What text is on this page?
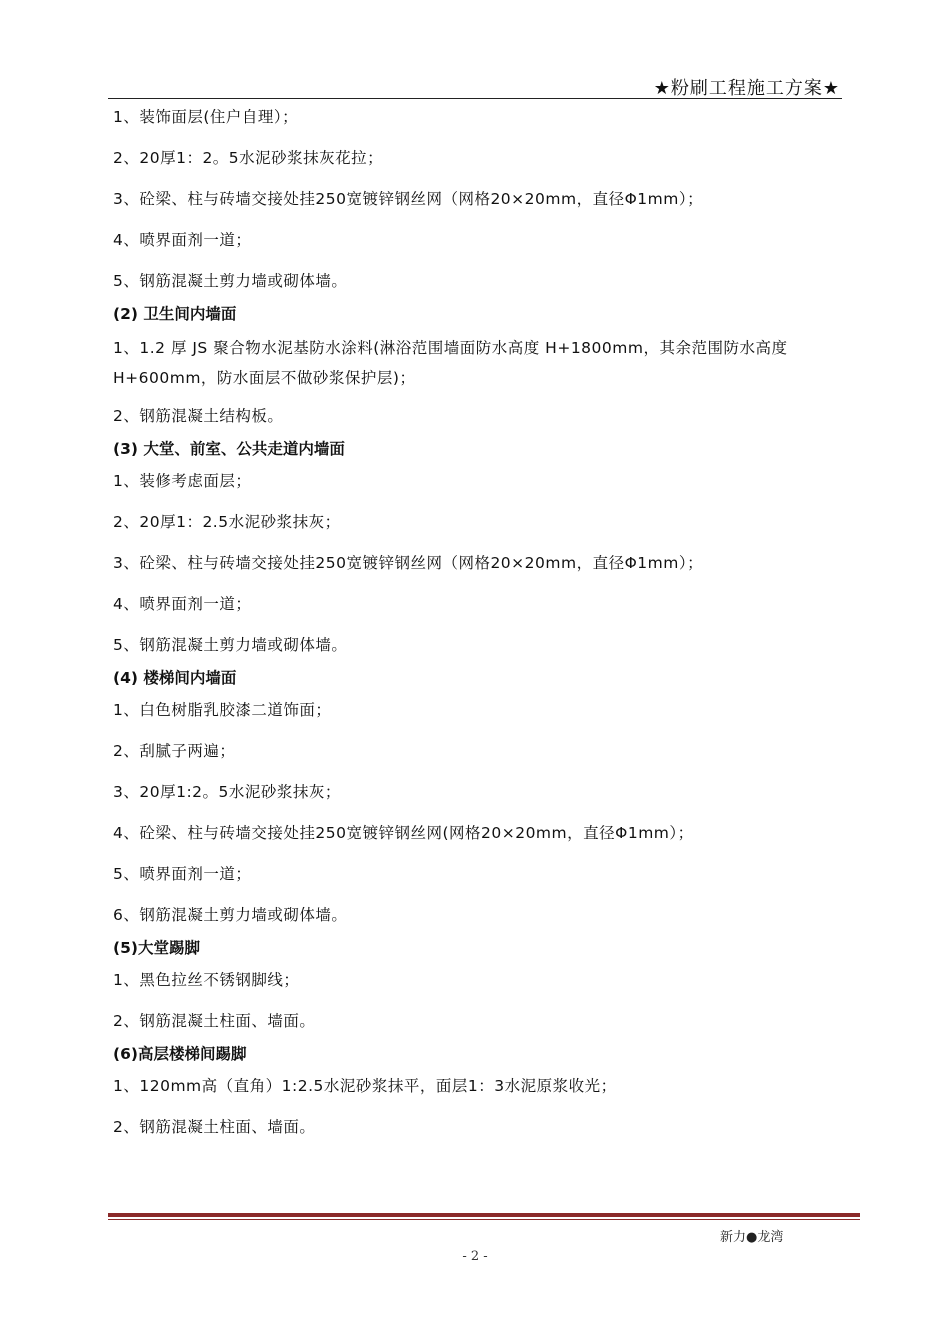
★粉刷工程施工方案★
1、装饰面层(住户自理）；
2、20厚1：2。5水泥砂浆抹灰花拉；
3、砼梁、柱与砖墙交接处挂250宽镀锌钢丝网（网格20×20mm，直径Φ1mm）；
4、喷界面剂一道；
5、钢筋混凝土剪力墙或砌体墙。
(2) 卫生间内墙面
1、1.2 厚 JS 聚合物水泥基防水涂料(淋浴范围墙面防水高度 H+1800mm，其余范围防水高度 H+600mm，防水面层不做砂浆保护层)；
2、钢筋混凝土结构板。
(3) 大堂、前室、公共走道内墙面
1、装修考虑面层；
2、20厚1：2.5水泥砂浆抹灰；
3、砼梁、柱与砖墙交接处挂250宽镀锌钢丝网（网格20×20mm，直径Φ1mm）；
4、喷界面剂一道；
5、钢筋混凝土剪力墙或砌体墙。
(4) 楼梯间内墙面
1、白色树脂乳胶漆二道饰面；
2、刮腻子两遍；
3、20厚1:2。5水泥砂浆抹灰；
4、砼梁、柱与砖墙交接处挂250宽镀锌钢丝网(网格20×20mm，直径Φ1mm）；
5、喷界面剂一道；
6、钢筋混凝土剪力墙或砌体墙。
(5)大堂踢脚
1、黑色拉丝不锈钢脚线；
2、钢筋混凝土柱面、墙面。
(6)高层楼梯间踢脚
1、120mm高（直角）1:2.5水泥砂浆抹平，面层1：3水泥原浆收光；
2、钢筋混凝土柱面、墙面。
新力●龙湾
- 2 -
